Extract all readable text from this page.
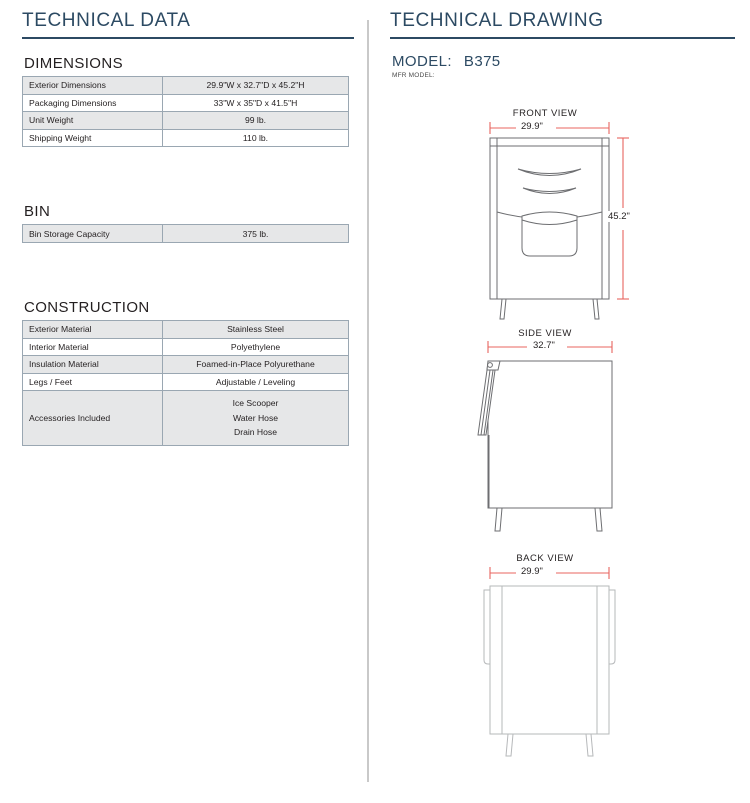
TECHNICAL DATA
DIMENSIONS
Exterior Dimensions	29.9"W x 32.7"D x 45.2"H
Packaging Dimensions	33"W x 35"D x 41.5"H
Unit Weight	99 lb.
Shipping Weight	110 lb.
BIN
Bin Storage Capacity	375 lb.
CONSTRUCTION
Exterior Material	Stainless Steel
Interior Material	Polyethylene
Insulation Material	Foamed-in-Place Polyurethane
Legs / Feet	Adjustable / Leveling
Accessories Included	Ice Scooper
Water Hose
Drain Hose
TECHNICAL DRAWING
MODEL: B375
MFR MODEL:
FRONT VIEW
29.9"
45.2"
SIDE VIEW
32.7"
BACK VIEW
29.9"
